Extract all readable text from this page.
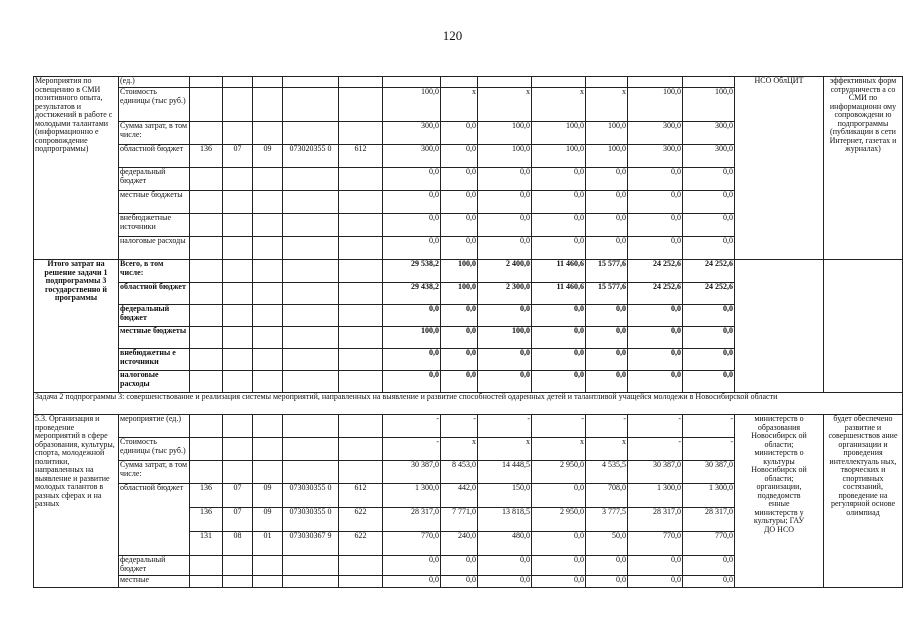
120
Мероприятия по освещению в СМИ позитивного опыта, результатов и достижений в работе с молодыми талантами (информационно е сопровождение подпрограммы)	(ед.)														НСО ОблЦИТ		эффективных форм сотрудничеств а со СМИ по информационн ому сопровождени ю подпрограммы (публикации в сети Интернет, газетах и журналах)
	Стоимость единицы (тыс руб.)						100,0	х	х	х	х	100,0	100,0				
	Сумма затрат, в том числе:						300,0	0,0	100,0	100,0	100,0	300,0	300,0				
	областной бюджет	136	07	09	073020355 0	612	300,0	0,0	100,0	100,0	100,0	300,0	300,0				
	федеральный бюджет						0,0	0,0	0,0	0,0	0,0	0,0	0,0				
	местные бюджеты						0,0	0,0	0,0	0,0	0,0	0,0	0,0				
	внебюджетные источники						0,0	0,0	0,0	0,0	0,0	0,0	0,0				
	налоговые расходы						0,0	0,0	0,0	0,0	0,0	0,0	0,0				
Итого затрат на решение задачи 1 подпрограммы 3 государственно й программы	Всего, в том числе:						29 538,2	100,0	2 400,0	11 460,6	15 577,6	24 252,6	24 252,6				
	областной бюджет						29 438,2	100,0	2 300,0	11 460,6	15 577,6	24 252,6	24 252,6				
	федеральный бюджет						0,0	0,0	0,0	0,0	0,0	0,0	0,0				
	местные бюджеты						100,0	0,0	100,0	0,0	0,0	0,0	0,0				
	внебюджетны е источники						0,0	0,0	0,0	0,0	0,0	0,0	0,0				
	налоговые расходы						0,0	0,0	0,0	0,0	0,0	0,0	0,0				
Задача 2 подпрограммы 3: совершенствование и реализация системы мероприятий, направленных на выявление и развитие способностей одаренных детей и талантливой учащейся молодежи в Новосибирской области																	
5.3. Организация и проведение мероприятий в сфере образования, культуры, спорта, молодежной политики, направленных на выявление и развитие молодых талантов в разных сферах и на разных	мероприятие (ед.)						-	-	-	-	-	-	-		министерств о образования Новосибирск ой области; министерств о культуры Новосибирск ой области; организации, подведомств енные министерств у культуры; ГАУ ДО НСО		будет обеспечено развитие и совершенствов ание организации и проведения интеллектуаль ных, творческих и спортивных состязаний, проведение на регулярной основе олимпиад
	Стоимость единицы (тыс руб.)						-	х	х	х	х	-	-				
	Сумма затрат, в том числе:						30 387,0	8 453,0	14 448,5	2 950,0	4 535,5	30 387,0	30 387,0				
	областной бюджет	136	07	09	073030355 0	612	1 300,0	442,0	150,0	0,0	708,0	1 300,0	1 300,0				
		136	07	09	073030355 0	622	28 317,0	7 771,0	13 818,5	2 950,0	3 777,5	28 317,0	28 317,0				
		131	08	01	073030367 9	622	770,0	240,0	480,0	0,0	50,0	770,0	770,0				
	федеральный бюджет						0,0	0,0	0,0	0,0	0,0	0,0	0,0				
	местные						0,0	0,0	0,0	0,0	0,0	0,0	0,0				
